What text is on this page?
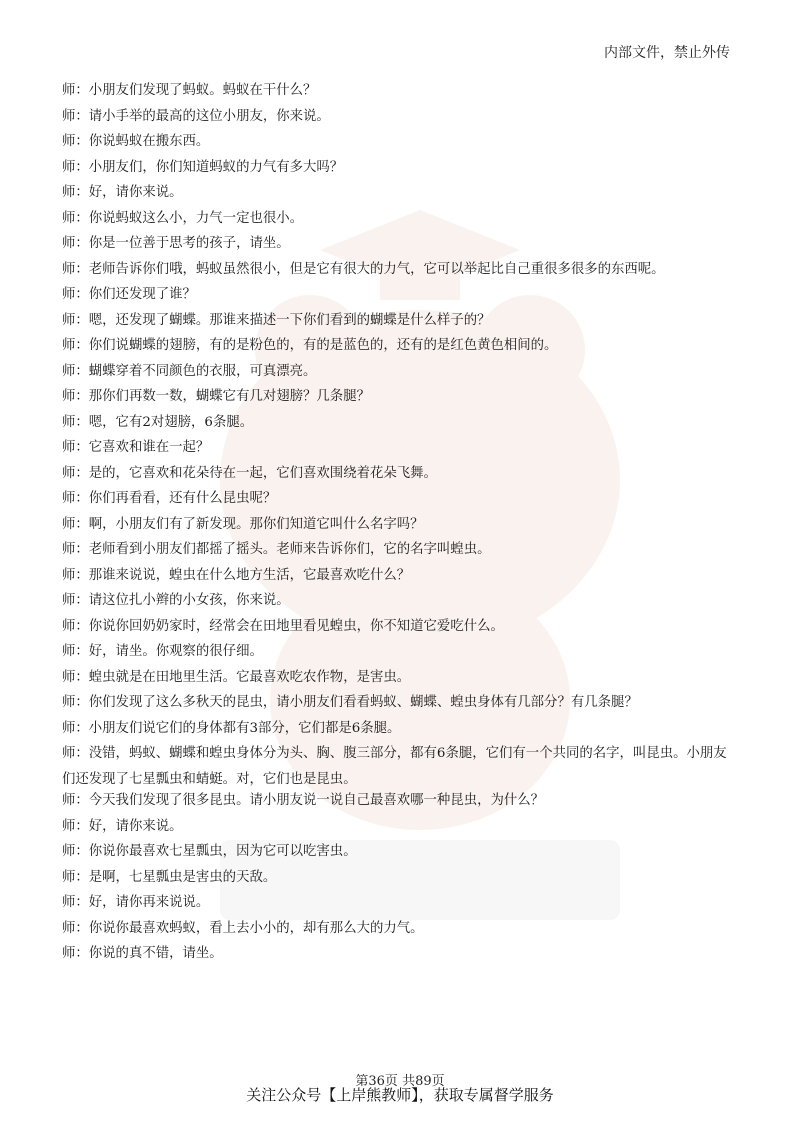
内部文件，禁止外传
师：小朋友们发现了蚂蚁。蚂蚁在干什么？
师：请小手举的最高的这位小朋友，你来说。
师：你说蚂蚁在搬东西。
师：小朋友们，你们知道蚂蚁的力气有多大吗？
师：好，请你来说。
师：你说蚂蚁这么小，力气一定也很小。
师：你是一位善于思考的孩子，请坐。
师：老师告诉你们哦，蚂蚁虽然很小，但是它有很大的力气，它可以举起比自己重很多很多的东西呢。
师：你们还发现了谁？
师：嗯，还发现了蝴蝶。那谁来描述一下你们看到的蝴蝶是什么样子的？
师：你们说蝴蝶的翅膀，有的是粉色的，有的是蓝色的，还有的是红色黄色相间的。
师：蝴蝶穿着不同颜色的衣服，可真漂亮。
师：那你们再数一数，蝴蝶它有几对翅膀？几条腿？
师：嗯，它有2对翅膀，6条腿。
师：它喜欢和谁在一起？
师：是的，它喜欢和花朵待在一起，它们喜欢围绕着花朵飞舞。
师：你们再看看，还有什么昆虫呢？
师：啊，小朋友们有了新发现。那你们知道它叫什么名字吗？
师：老师看到小朋友们都摇了摇头。老师来告诉你们，它的名字叫蝗虫。
师：那谁来说说，蝗虫在什么地方生活，它最喜欢吃什么？
师：请这位扎小辫的小女孩，你来说。
师：你说你回奶奶家时，经常会在田地里看见蝗虫，你不知道它爱吃什么。
师：好，请坐。你观察的很仔细。
师：蝗虫就是在田地里生活。它最喜欢吃农作物，是害虫。
师：你们发现了这么多秋天的昆虫，请小朋友们看看蚂蚁、蝴蝶、蝗虫身体有几部分？有几条腿？
师：小朋友们说它们的身体都有3部分，它们都是6条腿。
师：没错，蚂蚁、蝴蝶和蝗虫身体分为头、胸、腹三部分，都有6条腿，它们有一个共同的名字，叫昆虫。小朋友们还发现了七星瓢虫和蜻蜓。对，它们也是昆虫。
师：今天我们发现了很多昆虫。请小朋友说一说自己最喜欢哪一种昆虫，为什么？
师：好，请你来说。
师：你说你最喜欢七星瓢虫，因为它可以吃害虫。
师：是啊，七星瓢虫是害虫的天敌。
师：好，请你再来说说。
师：你说你最喜欢蚂蚁，看上去小小的，却有那么大的力气。
师：你说的真不错，请坐。
第36页 共89页
关注公众号【上岸熊教师】，获取专属督学服务
